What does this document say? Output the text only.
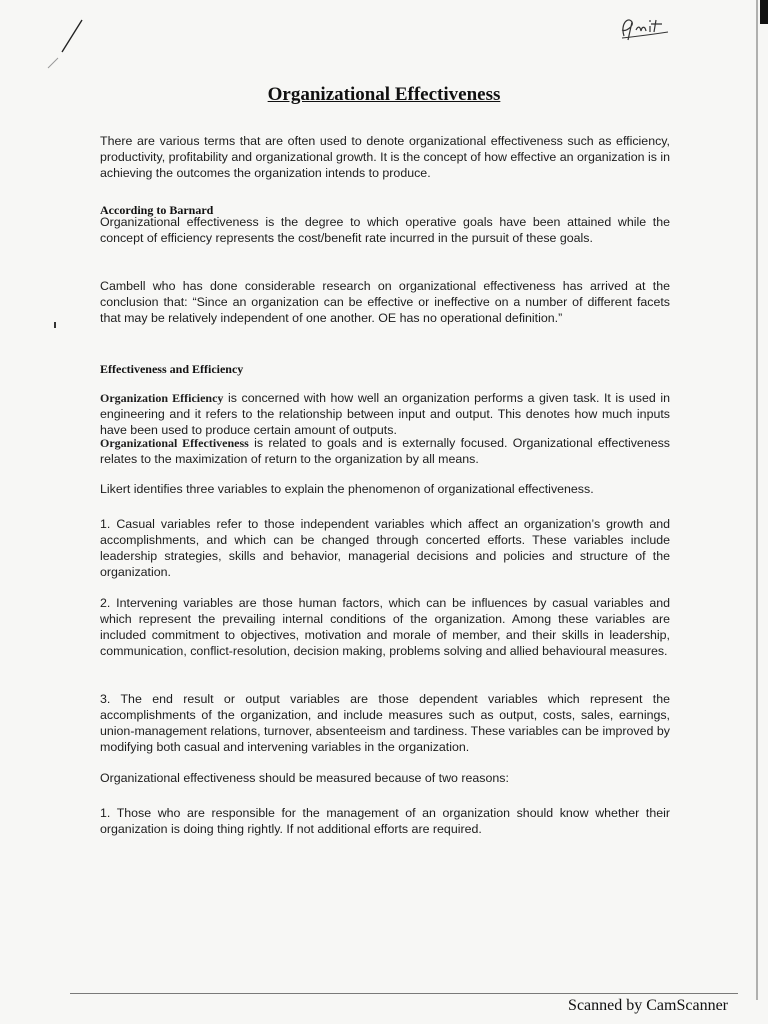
Organizational Effectiveness

There are various terms that are often used to denote organizational effectiveness such as efficiency, productivity, profitability and organizational growth. It is the concept of how effective an organization is in achieving the outcomes the organization intends to produce.

According to Barnard

Organizational effectiveness is the degree to which operative goals have been attained while the concept of efficiency represents the cost/benefit rate incurred in the pursuit of these goals.

Cambell who has done considerable research on organizational effectiveness has arrived at the conclusion that: “Since an organization can be effective or ineffective on a number of different facets that may be relatively independent of one another. OE has no operational definition.”

Effectiveness and Efficiency

Organization Efficiency is concerned with how well an organization performs a given task. It is used in engineering and it refers to the relationship between input and output. This denotes how much inputs have been used to produce certain amount of outputs.

Organizational Effectiveness is related to goals and is externally focused. Organizational effectiveness relates to the maximization of return to the organization by all means.

Likert identifies three variables to explain the phenomenon of organizational effectiveness.

1. Casual variables refer to those independent variables which affect an organization’s growth and accomplishments, and which can be changed through concerted efforts. These variables include leadership strategies, skills and behavior, managerial decisions and policies and structure of the organization.

2. Intervening variables are those human factors, which can be influences by casual variables and which represent the prevailing internal conditions of the organization. Among these variables are included commitment to objectives, motivation and morale of member, and their skills in leadership, communication, conflict-resolution, decision making, problems solving and allied behavioural measures.

3. The end result or output variables are those dependent variables which represent the accomplishments of the organization, and include measures such as output, costs, sales, earnings, union-management relations, turnover, absenteeism and tardiness. These variables can be improved by modifying both casual and intervening variables in the organization.

Organizational effectiveness should be measured because of two reasons:

1. Those who are responsible for the management of an organization should know whether their organization is doing thing rightly. If not additional efforts are required.

Scanned by CamScanner
